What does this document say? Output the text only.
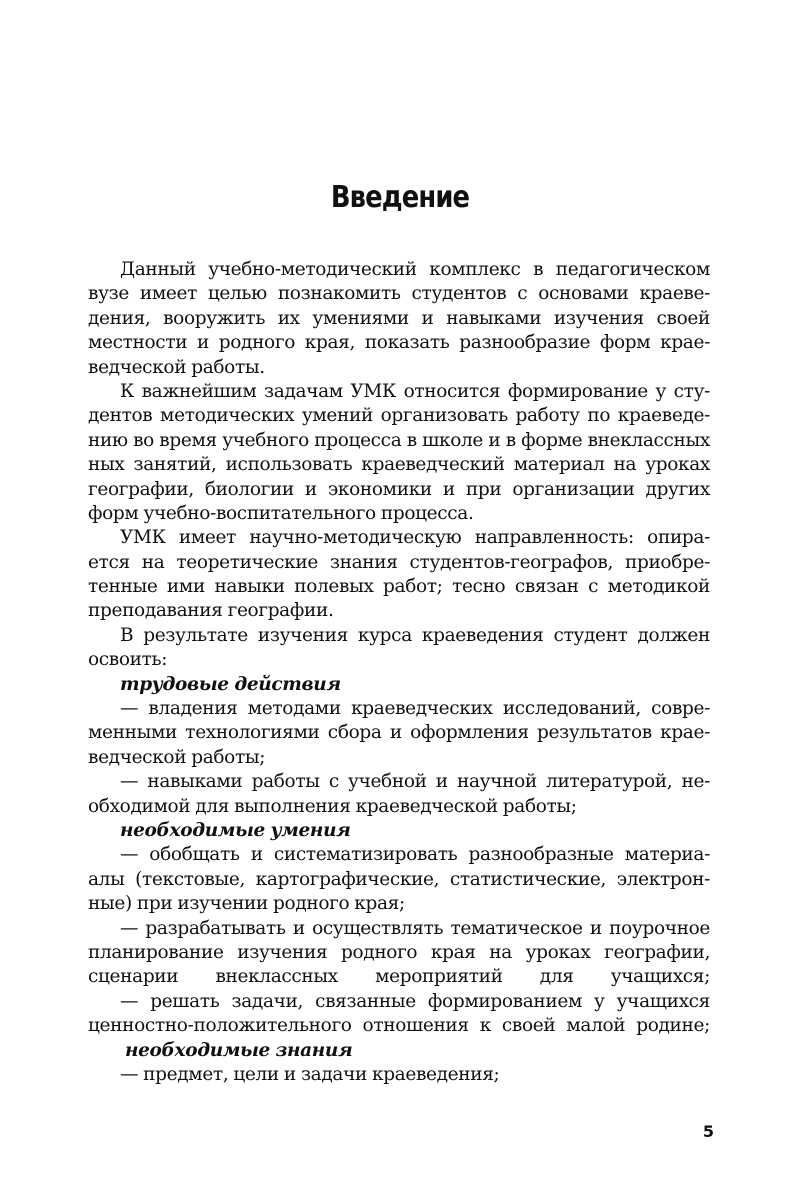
Введение
Данный учебно-методический комплекс в педагогическом
вузе имеет целью познакомить студентов с основами краеве-
дения, вооружить их умениями и навыками изучения своей
местности и родного края, показать разнообразие форм крае-
ведческой работы.
К важнейшим задачам УМК относится формирование у сту-
дентов методических умений организовать работу по краеведе-
нию во время учебного процесса в школе и в форме внеклассных
ных занятий, использовать краеведческий материал на уроках
географии, биологии и экономики и при организации других
форм учебно-воспитательного процесса.
УМК имеет научно-методическую направленность: опира-
ется на теоретические знания студентов-географов, приобре-
тенные ими навыки полевых работ; тесно связан с методикой
преподавания географии.
В результате изучения курса краеведения студент должен
освоить:
трудовые действия
— владения методами краеведческих исследований, совре-
менными технологиями сбора и оформления результатов крае-
ведческой работы;
— навыками работы с учебной и научной литературой, не-
обходимой для выполнения краеведческой работы;
необходимые умения
— обобщать и систематизировать разнообразные материа-
алы (текстовые, картографические, статистические, электрон-
ные) при изучении родного края;
— разрабатывать и осуществлять тематическое и поурочное
планирование изучения родного края на уроках географии,
сценарии внеклассных мероприятий для учащихся;
— решать задачи, связанные формированием у учащихся
ценностно-положительного отношения к своей малой родине;
необходимые знания
— предмет, цели и задачи краеведения;
5
